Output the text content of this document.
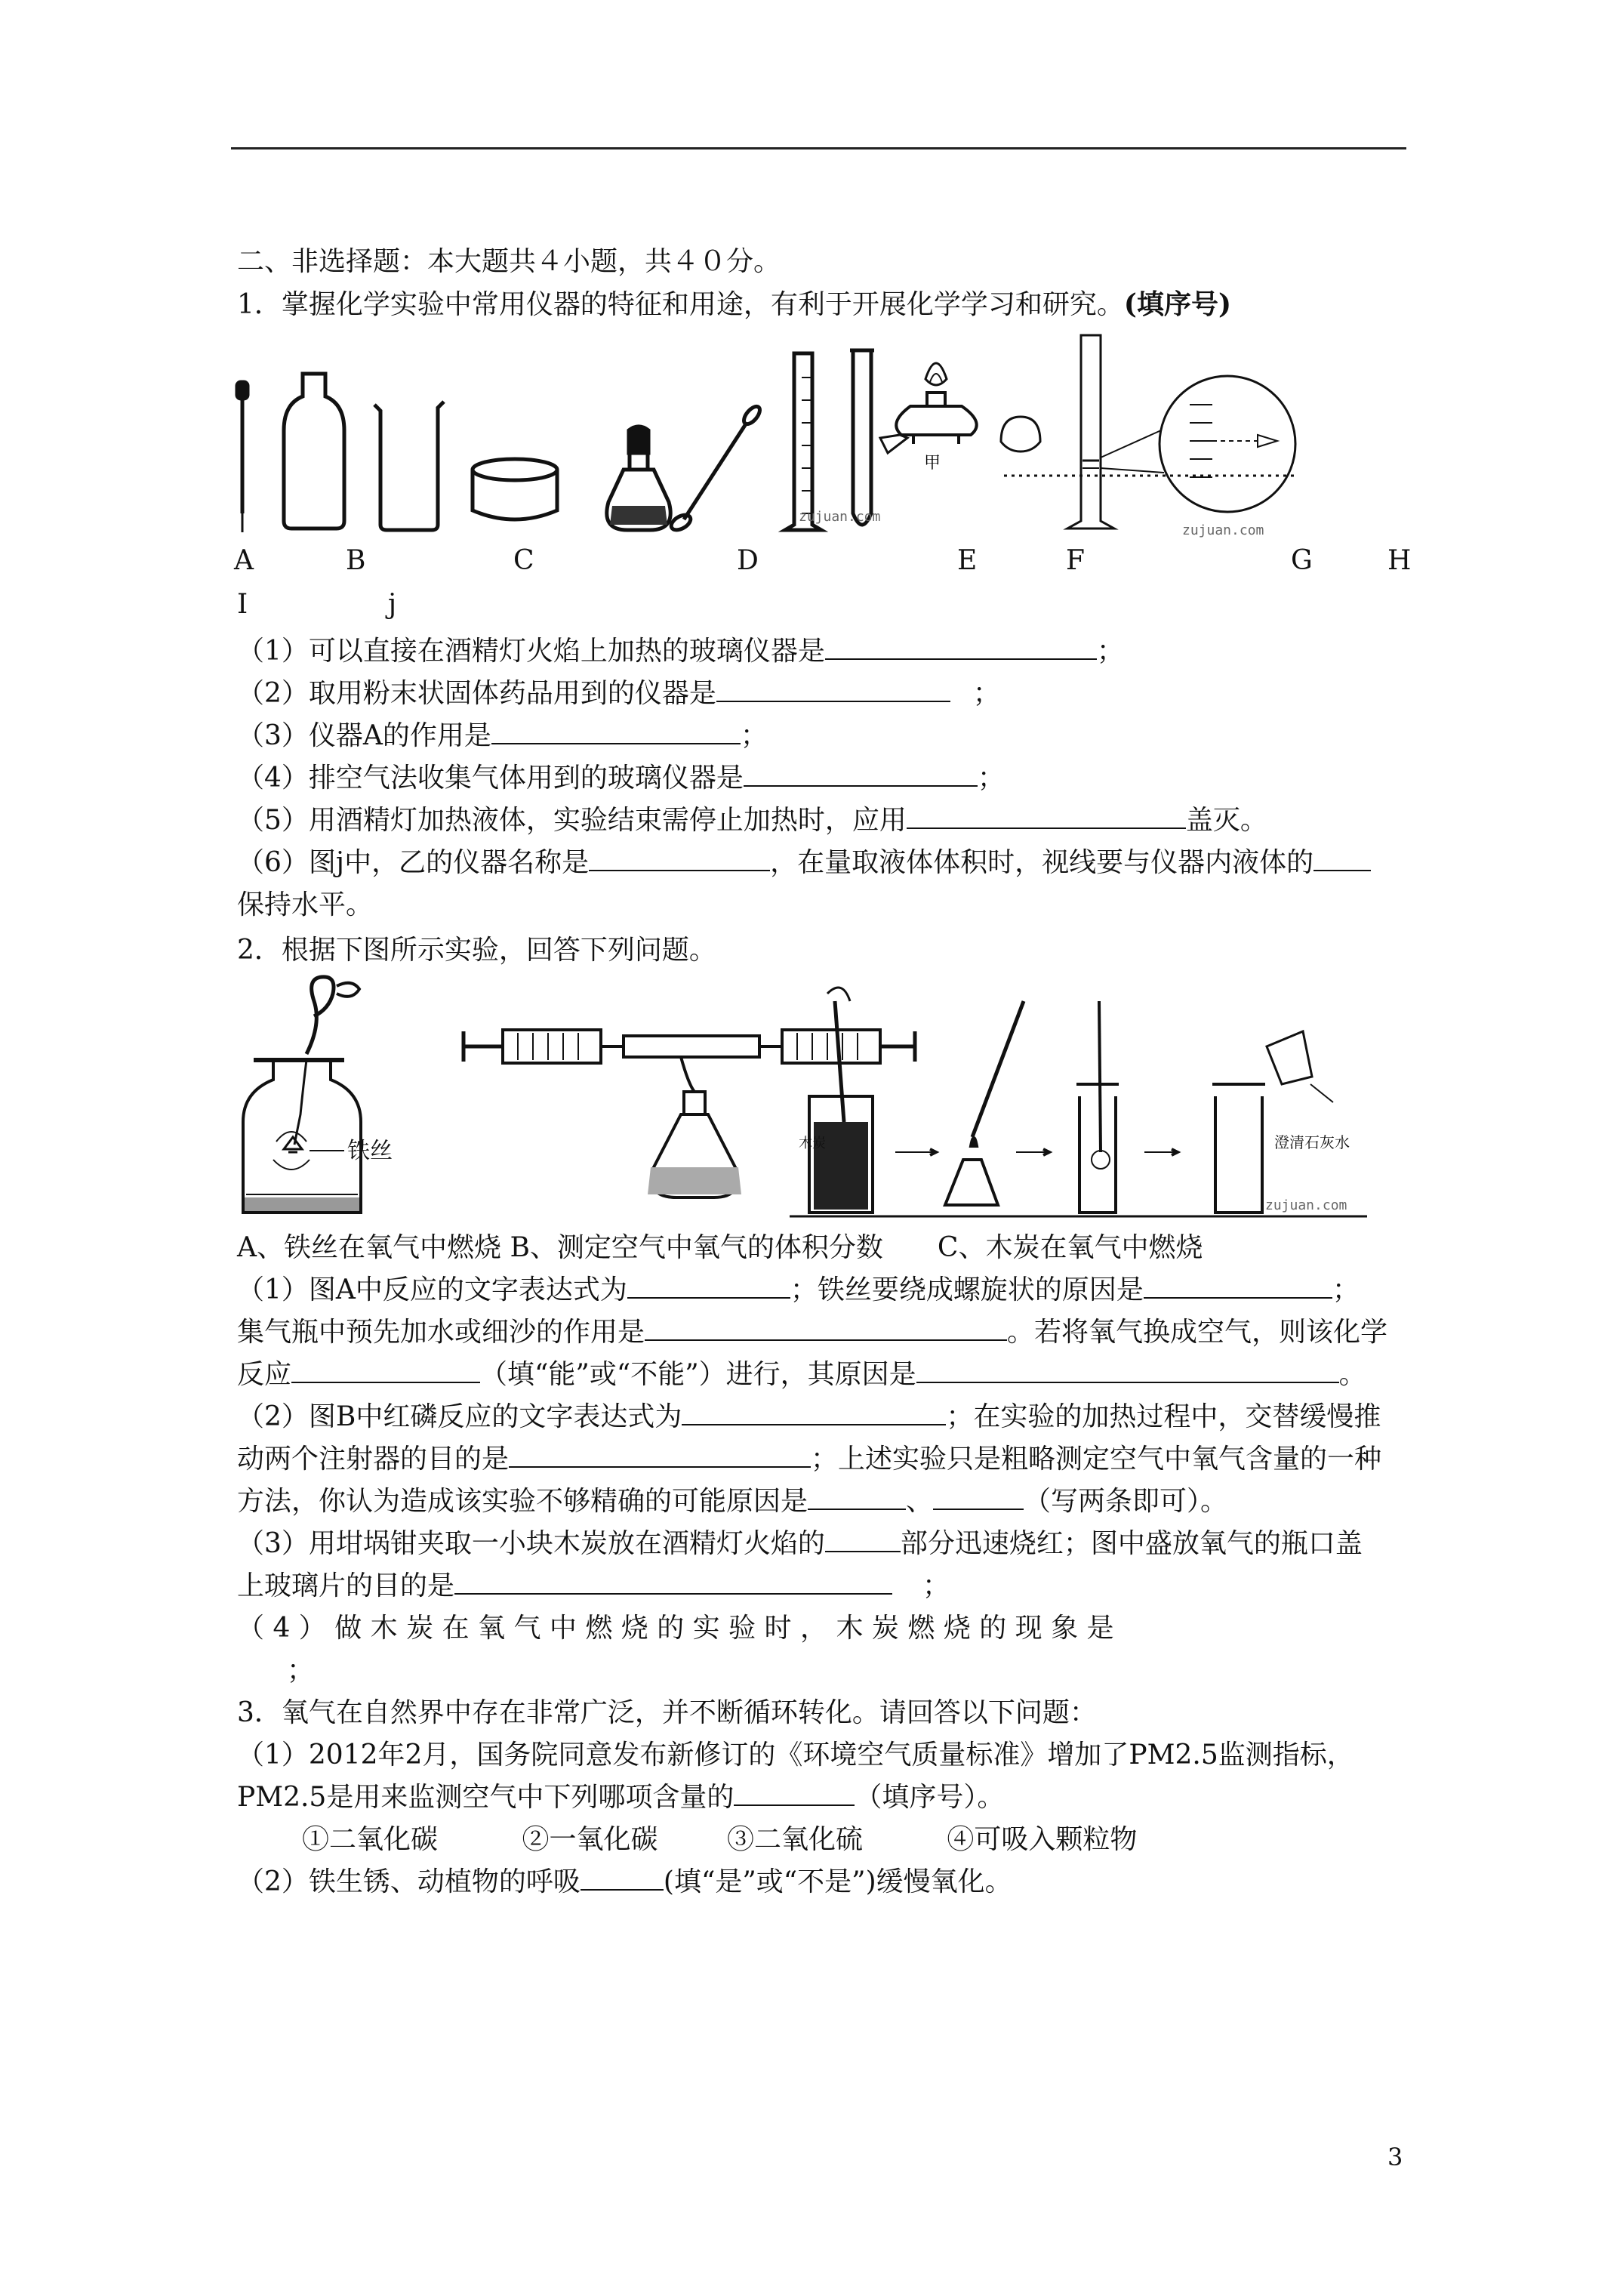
二、非选择题：本大题共４小题，共４０分。
1．掌握化学实验中常用仪器的特征和用途，有利于开展化学学习和研究。(填序号)
甲
zujuan.com
zujuan.com
A	B	C	D	E	F	G	H
I	j
（1）可以直接在酒精灯火焰上加热的玻璃仪器是	；
（2）取用粉末状固体药品用到的仪器是	；
（3）仪器A的作用是	；
（4）排空气法收集气体用到的玻璃仪器是	；
（5）用酒精灯加热液体，实验结束需停止加热时，应用	盖灭。
（6）图j中，乙的仪器名称是	，在量取液体体积时，视线要与仪器内液体的
保持水平。
2．根据下图所示实验，回答下列问题。
铁丝	木炭	澄清石灰水
zujuan.com
A、铁丝在氧气中燃烧 B、测定空气中氧气的体积分数　　C、木炭在氧气中燃烧
（1）图A中反应的文字表达式为	；铁丝要绕成螺旋状的原因是	；
集气瓶中预先加水或细沙的作用是	。若将氧气换成空气，则该化学
反应	（填“能”或“不能”）进行，其原因是	。
（2）图B中红磷反应的文字表达式为	；在实验的加热过程中，交替缓慢推
动两个注射器的目的是	；上述实验只是粗略测定空气中氧气含量的一种
方法，你认为造成该实验不够精确的可能原因是	、	（写两条即可）。
（3）用坩埚钳夹取一小块木炭放在酒精灯火焰的	部分迅速烧红；图中盛放氧气的瓶口盖
上玻璃片的目的是	；
（ 4 ） 做 木 炭 在 氧 气 中 燃 烧 的 实 验 时 ， 木 炭 燃 烧 的 现 象 是
；
3．氧气在自然界中存在非常广泛，并不断循环转化。请回答以下问题：
（1）2012年2月，国务院同意发布新修订的《环境空气质量标准》增加了PM2.5监测指标，
PM2.5是用来监测空气中下列哪项含量的	（填序号）。
①二氧化碳	②一氧化碳	③二氧化硫	④可吸入颗粒物
（2）铁生锈、动植物的呼吸	(填“是”或“不是”)缓慢氧化。
3
